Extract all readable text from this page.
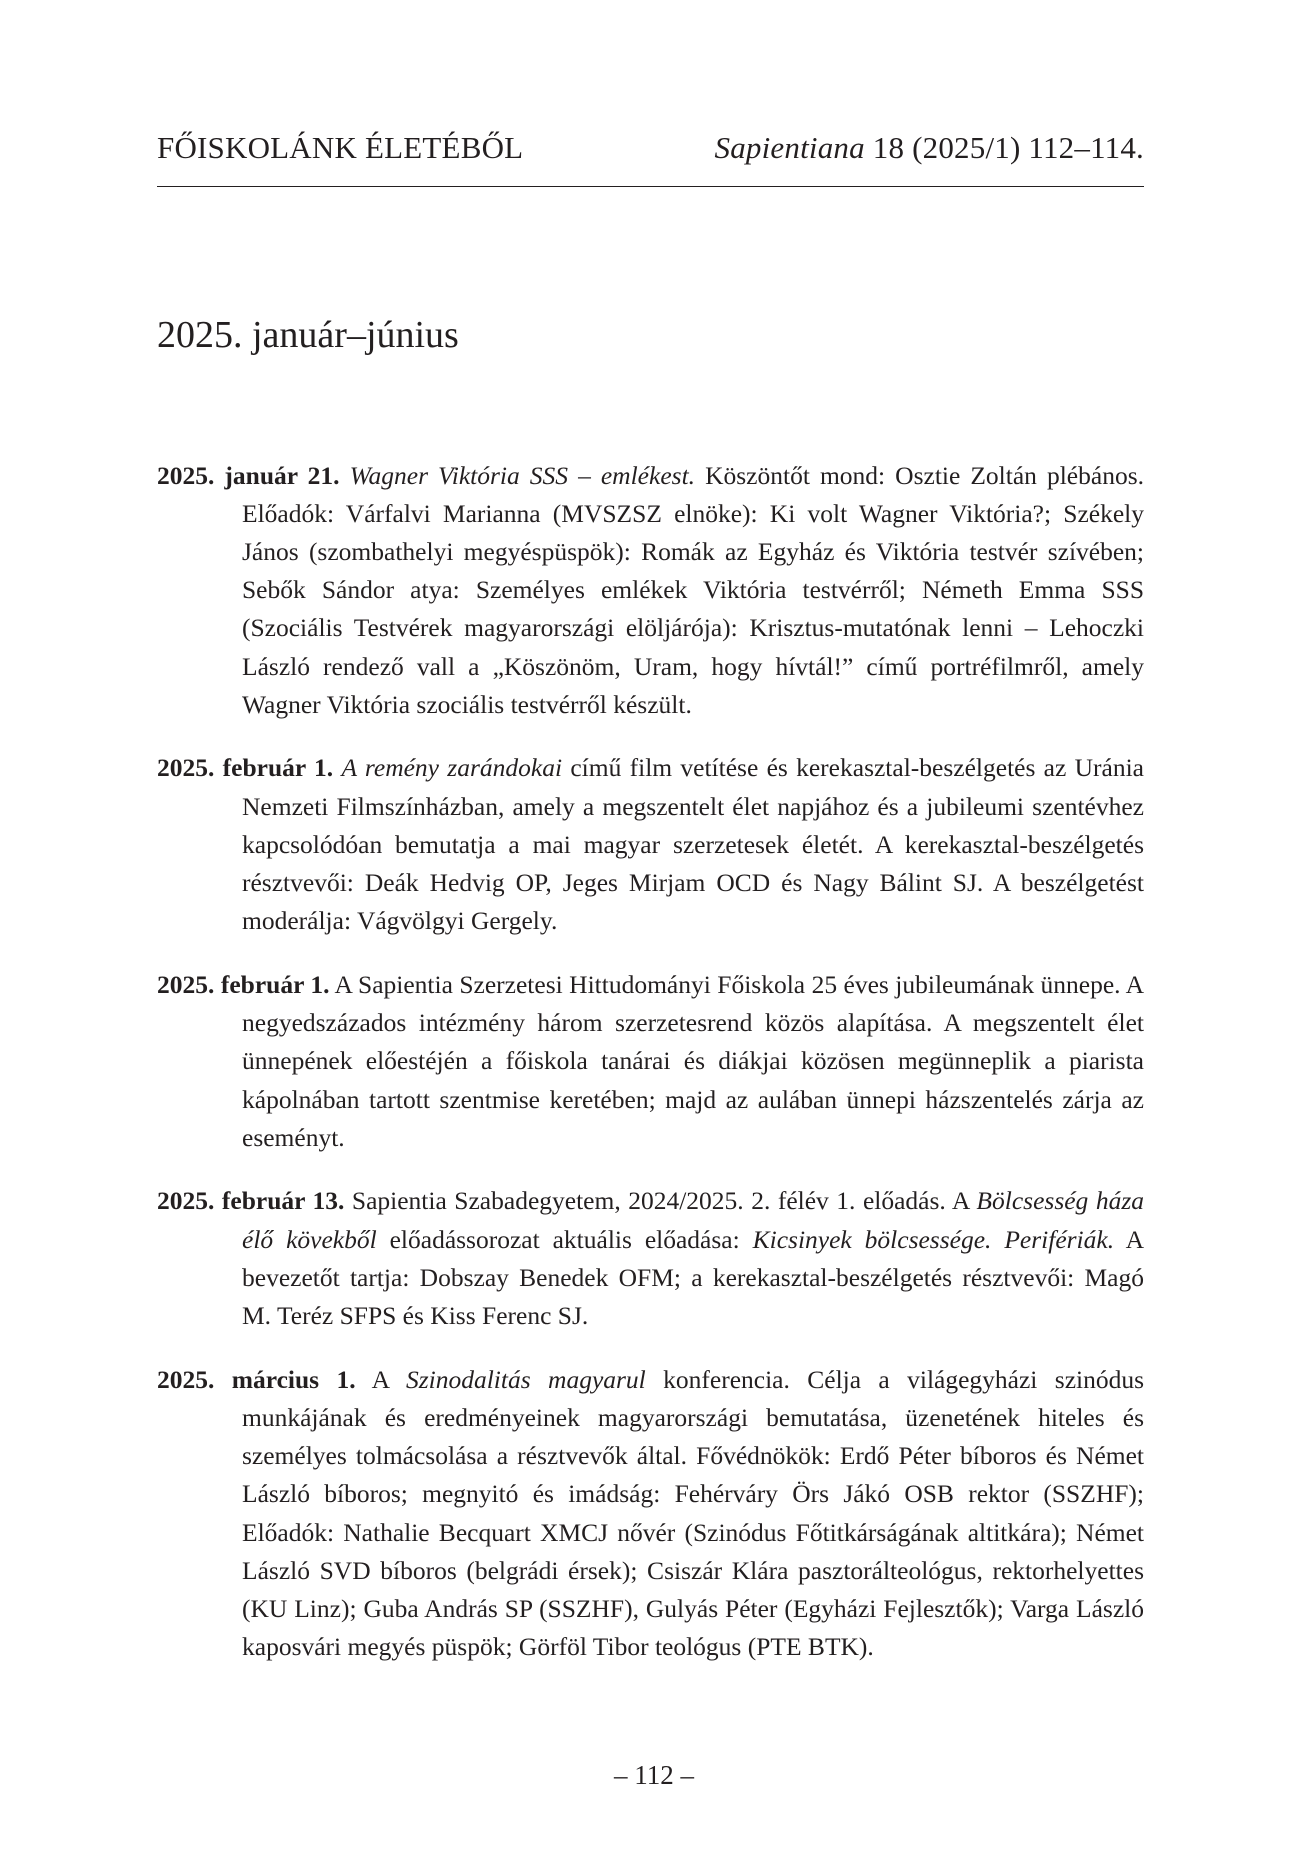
FŐISKOLÁNK ÉLETÉBŐL	Sapientiana 18 (2025/1) 112–114.
2025. január–június

2025. január 21. Wagner Viktória SSS – emlékest. Köszöntőt mond: Osztie Zoltán plébános. Előadók: Várfalvi Marianna (MVSZSZ elnöke): Ki volt Wagner Viktória?; Székely János (szombathelyi megyéspüspök): Romák az Egyház és Viktória testvér szívében; Sebők Sándor atya: Személyes emlékek Viktória testvérről; Németh Emma SSS (Szociális Testvérek magyarországi elöljárója): Krisztus-mutatónak lenni – Lehoczki László rendező vall a „Köszönöm, Uram, hogy hívtál!” című portréfilmről, amely Wagner Viktória szociális testvérről készült.

2025. február 1. A remény zarándokai című film vetítése és kerekasztal-beszélgetés az Uránia Nemzeti Filmszínházban, amely a megszentelt élet napjához és a jubileumi szentévhez kapcsolódóan bemutatja a mai magyar szerzetesek életét. A kerekasztal-beszélgetés résztvevői: Deák Hedvig OP, Jeges Mirjam OCD és Nagy Bálint SJ. A beszélgetést moderálja: Vágvölgyi Gergely.

2025. február 1. A Sapientia Szerzetesi Hittudományi Főiskola 25 éves jubileumának ünnepe. A negyedszázados intézmény három szerzetesrend közös alapítása. A megszentelt élet ünnepének előestéjén a főiskola tanárai és diákjai közösen megünneplik a piarista kápolnában tartott szentmise keretében; majd az aulában ünnepi házszentelés zárja az eseményt.

2025. február 13. Sapientia Szabadegyetem, 2024/2025. 2. félév 1. előadás. A Bölcsesség háza élő kövekből előadássorozat aktuális előadása: Kicsinyek bölcsessége. Perifériák. A bevezetőt tartja: Dobszay Benedek OFM; a kerekasztal-beszélgetés résztvevői: Magó M. Teréz SFPS és Kiss Ferenc SJ.

2025. március 1. A Szinodalitás magyarul konferencia. Célja a világegyházi szinódus munkájának és eredményeinek magyarországi bemutatása, üzenetének hiteles és személyes tolmácsolása a résztvevők által. Fővédnökök: Erdő Péter bíboros és Német László bíboros; megnyitó és imádság: Fehérváry Örs Jákó OSB rektor (SSZHF); Előadók: Nathalie Becquart XMCJ nővér (Szinódus Főtitkárságának altitkára); Német László SVD bíboros (belgrádi érsek); Csiszár Klára pasztorálteológus, rektorhelyettes (KU Linz); Guba András SP (SSZHF), Gulyás Péter (Egyházi Fejlesztők); Varga László kaposvári megyés püspök; Görföl Tibor teológus (PTE BTK).

– 112 –
